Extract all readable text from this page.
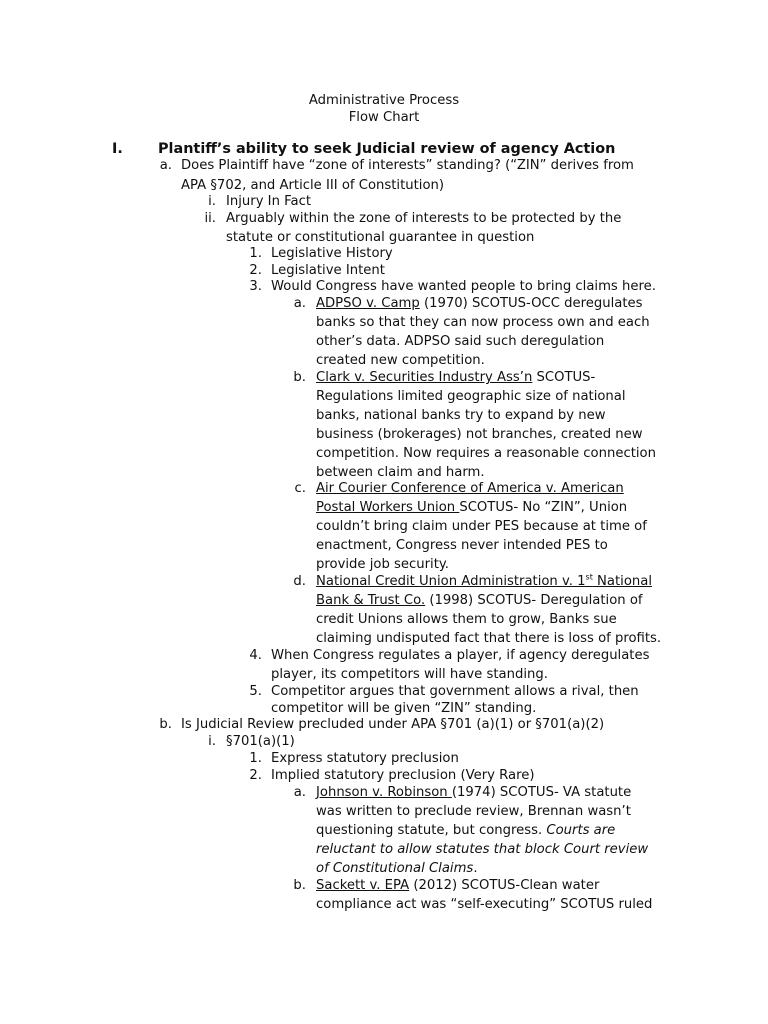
Administrative Process
Flow Chart
I. Plantiff’s ability to seek Judicial review of agency Action
a. Does Plaintiff have “zone of interests” standing? (“ZIN” derives from
APA §702, and Article III of Constitution)
i. Injury In Fact
ii. Arguably within the zone of interests to be protected by the
statute or constitutional guarantee in question
1. Legislative History
2. Legislative Intent
3. Would Congress have wanted people to bring claims here.
a. ADPSO v. Camp (1970) SCOTUS-OCC deregulates
banks so that they can now process own and each
other’s data. ADPSO said such deregulation
created new competition.
b. Clark v. Securities Industry Ass’n SCOTUS-
Regulations limited geographic size of national
banks, national banks try to expand by new
business (brokerages) not branches, created new
competition. Now requires a reasonable connection
between claim and harm.
c. Air Courier Conference of America v. American
Postal Workers Union SCOTUS- No “ZIN”, Union
couldn’t bring claim under PES because at time of
enactment, Congress never intended PES to
provide job security.
d. National Credit Union Administration v. 1st National
Bank & Trust Co. (1998) SCOTUS- Deregulation of
credit Unions allows them to grow, Banks sue
claiming undisputed fact that there is loss of profits.
4. When Congress regulates a player, if agency deregulates
player, its competitors will have standing.
5. Competitor argues that government allows a rival, then
competitor will be given “ZIN” standing.
b. Is Judicial Review precluded under APA §701 (a)(1) or §701(a)(2)
i. §701(a)(1)
1. Express statutory preclusion
2. Implied statutory preclusion (Very Rare)
a. Johnson v. Robinson (1974) SCOTUS- VA statute
was written to preclude review, Brennan wasn’t
questioning statute, but congress. Courts are
reluctant to allow statutes that block Court review
of Constitutional Claims.
b. Sackett v. EPA (2012) SCOTUS-Clean water
compliance act was “self-executing” SCOTUS ruled
